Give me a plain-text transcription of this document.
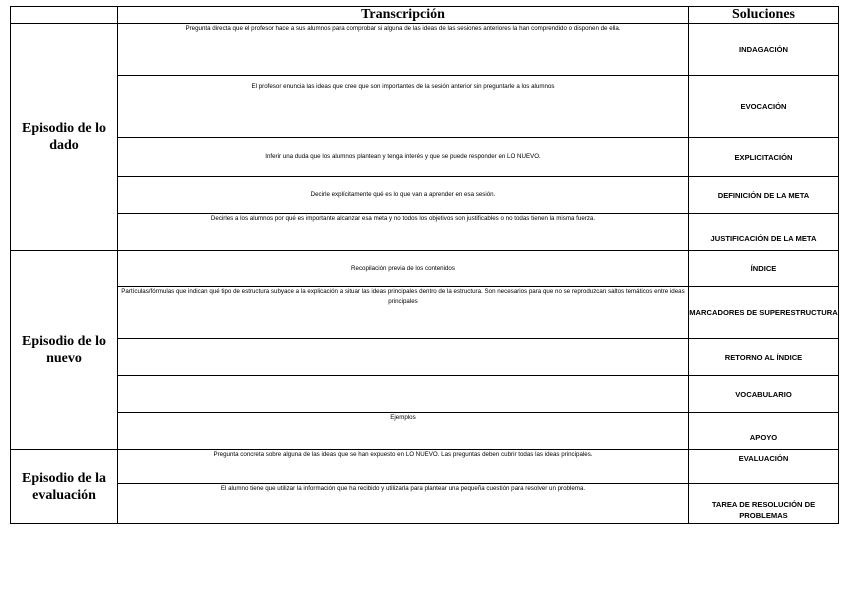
	Transcripción	Soluciones
Episodio de lo dado	Pregunta directa que el profesor hace a sus alumnos para comprobar si alguna de las ideas de las sesiones anteriores la han comprendido o disponen de ella.	INDAGACIÓN
	El profesor enuncia las ideas que cree que son importantes de la sesión anterior sin preguntarle a los alumnos	EVOCACIÓN
	Inferir una duda que los alumnos plantean y tenga interés y que se puede responder en LO NUEVO.	EXPLICITACIÓN
	Decirle explícitamente qué es lo que van a aprender en esa sesión.	DEFINICIÓN DE LA META
	Decirles a los alumnos por qué es importante alcanzar esa meta y no todos los objetivos son justificables o no todas tienen la misma fuerza.	JUSTIFICACIÓN DE LA META
Episodio de lo nuevo	Recopilación previa de los contenidos	ÍNDICE
	Partículas/fórmulas que indican qué tipo de estructura subyace a la explicación a situar las ideas principales dentro de la estructura. Son necesarios para que no se reproduzcan saltos temáticos entre ideas principales	MARCADORES DE SUPERESTRUCTURA
		RETORNO AL ÍNDICE
		VOCABULARIO
	Ejemplos	APOYO
Episodio de la evaluación	Pregunta concreta sobre alguna de las ideas que se han expuesto en LO NUEVO. Las preguntas deben cubrir todas las ideas principales.	EVALUACIÓN
	El alumno tiene que utilizar la información que ha recibido y utilizarla para plantear una pequeña cuestión para resolver un problema.	TAREA DE RESOLUCIÓN DE PROBLEMAS
